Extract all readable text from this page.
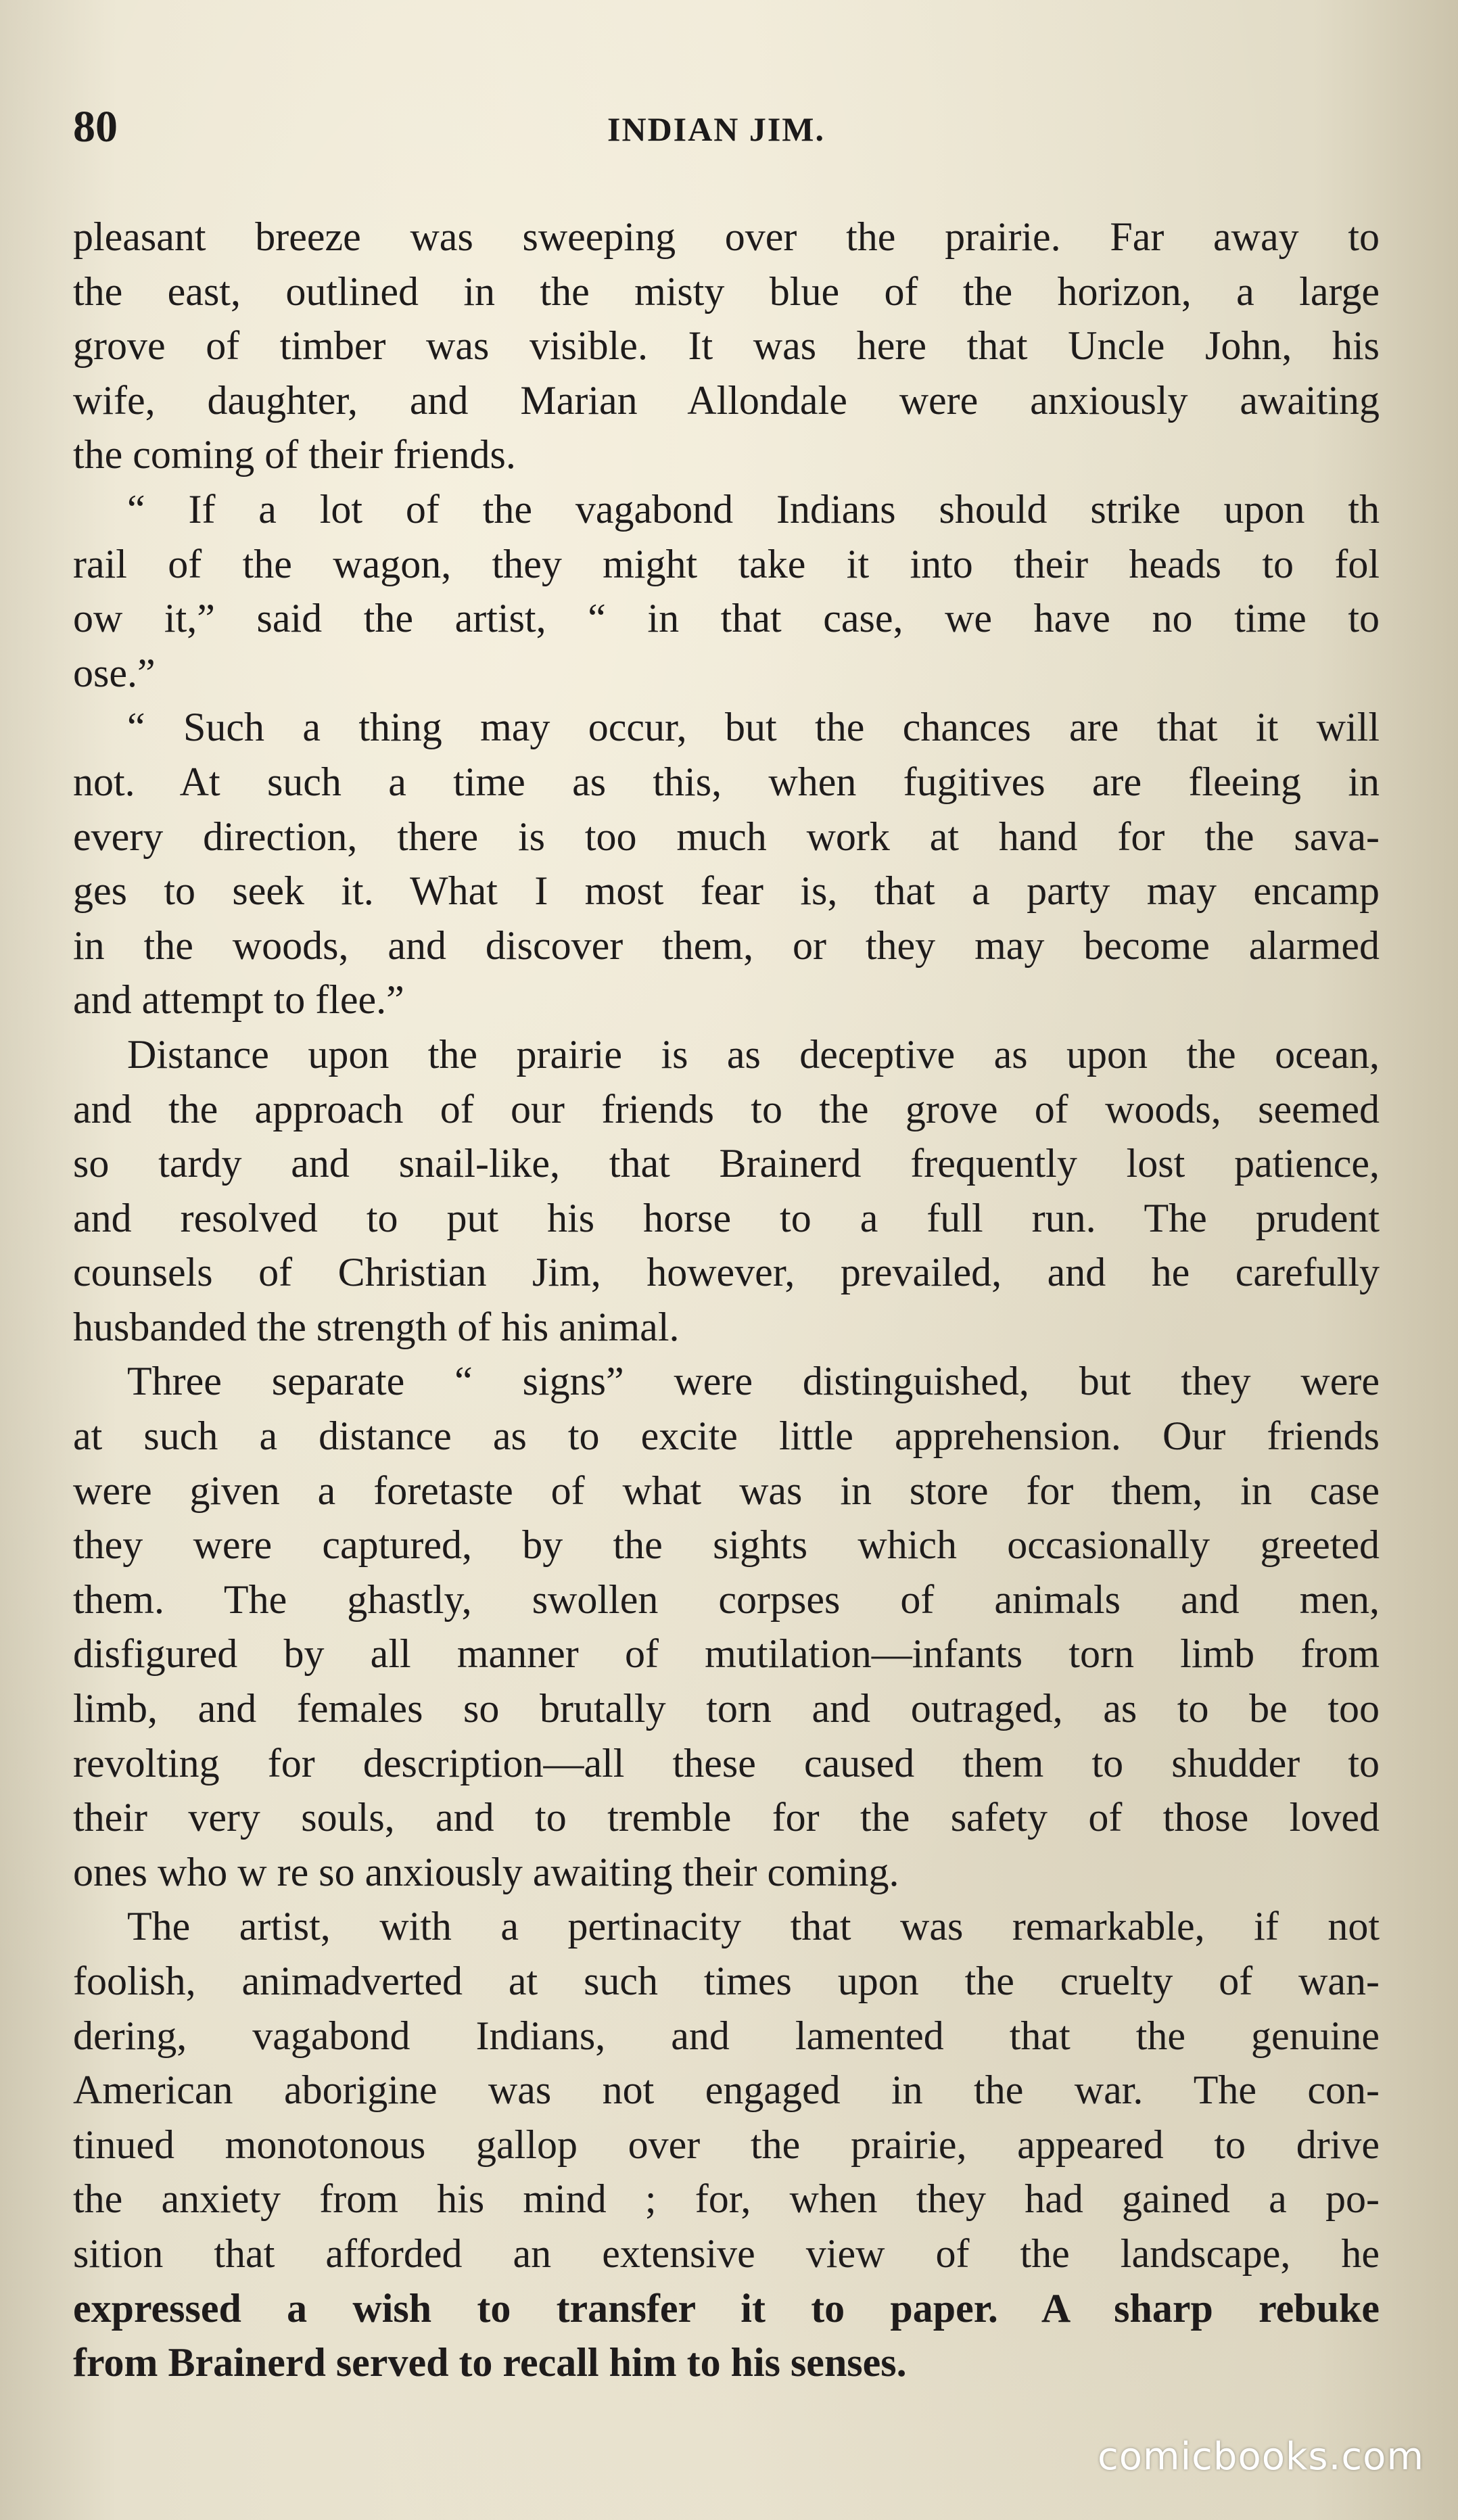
80	INDIAN JIM.
pleasant breeze was sweeping over the prairie. Far away to
the east, outlined in the misty blue of the horizon, a large
grove of timber was visible. It was here that Uncle John, his
wife, daughter, and Marian Allondale were anxiously awaiting
the coming of their friends.
“ If a lot of the vagabond Indians should strike upon th
rail of the wagon, they might take it into their heads to fol
ow it,” said the artist, “ in that case, we have no time to
ose.”
“ Such a thing may occur, but the chances are that it will
not. At such a time as this, when fugitives are fleeing in
every direction, there is too much work at hand for the sava-
ges to seek it. What I most fear is, that a party may encamp
in the woods, and discover them, or they may become alarmed
and attempt to flee.”
Distance upon the prairie is as deceptive as upon the ocean,
and the approach of our friends to the grove of woods, seemed
so tardy and snail-like, that Brainerd frequently lost patience,
and resolved to put his horse to a full run. The prudent
counsels of Christian Jim, however, prevailed, and he carefully
husbanded the strength of his animal.
Three separate “ signs” were distinguished, but they were
at such a distance as to excite little apprehension. Our friends
were given a foretaste of what was in store for them, in case
they were captured, by the sights which occasionally greeted
them. The ghastly, swollen corpses of animals and men,
disfigured by all manner of mutilation—infants torn limb from
limb, and females so brutally torn and outraged, as to be too
revolting for description—all these caused them to shudder to
their very souls, and to tremble for the safety of those loved
ones who w re so anxiously awaiting their coming.
The artist, with a pertinacity that was remarkable, if not
foolish, animadverted at such times upon the cruelty of wan-
dering, vagabond Indians, and lamented that the genuine
American aborigine was not engaged in the war. The con-
tinued monotonous gallop over the prairie, appeared to drive
the anxiety from his mind ; for, when they had gained a po-
sition that afforded an extensive view of the landscape, he
expressed a wish to transfer it to paper. A sharp rebuke
from Brainerd served to recall him to his senses.
comicbooks.com
